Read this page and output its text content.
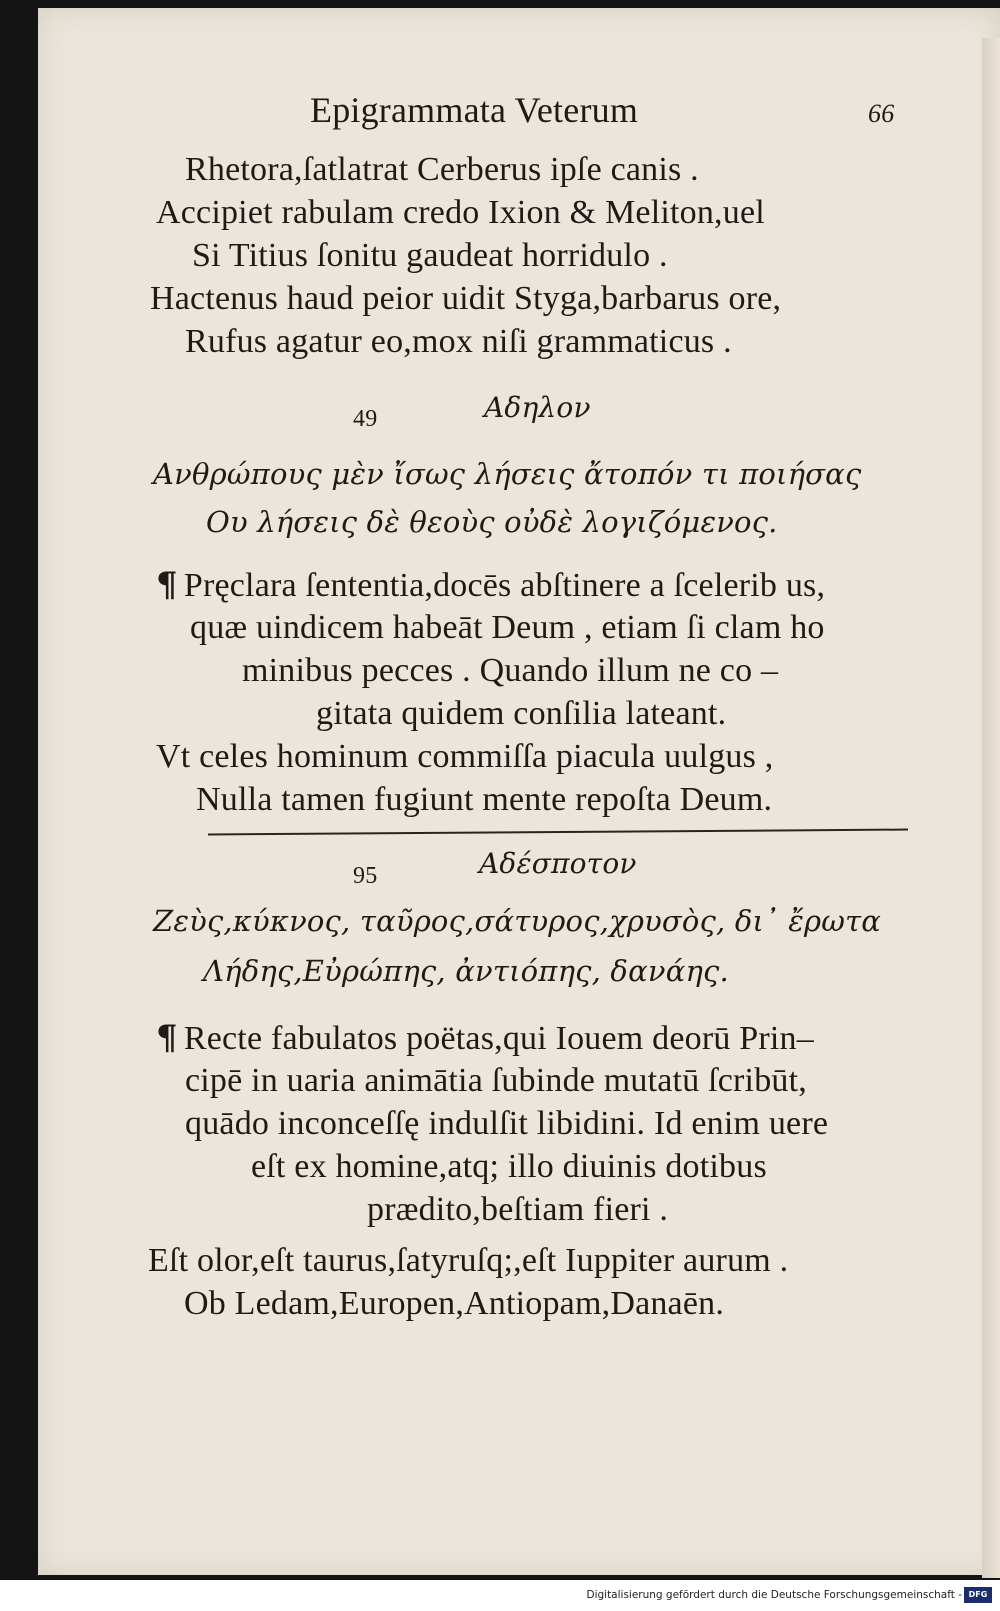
Epigrammata Veterum	66
Rhetora,ſatlatrat Cerberus ipſe canis .
Accipiet rabulam credo Ixion & Meliton,uel
Si Titius ſonitu gaudeat horridulo .
Hactenus haud peior uidit Styga,barbarus ore,
Rufus agatur eo,mox niſi grammaticus .
49	Αδηλον
Ανθρώπους μὲν ἴσως λήσεις ἄτοπόν τι ποιήσας
Ου λήσεις δὲ θεοὺς οὐδὲ λογιζόμενος.
¶ Pręclara ſententia,docēs abſtinere a ſcelerib us,
quæ uindicem habeāt Deum , etiam ſi clam ho
minibus pecces . Quando illum ne co –
gitata quidem conſilia lateant.
Vt celes hominum commiſſa piacula uulgus ,
Nulla tamen fugiunt mente repoſta Deum.
95	Αδέσποτον
Ζεὺς,κύκνος, ταῦρος,σάτυρος,χρυσὸς, δι᾽ ἔρωτα
Λήδης,Εὐρώπης, ἀντιόπης, δανάης.
¶ Recte fabulatos poëtas,qui Iouem deorū Prin–
cipē in uaria animātia ſubinde mutatū ſcribūt,
quādo inconceſſę indulſit libidini. Id enim uere
eſt ex homine,atq; illo diuinis dotibus
prædito,beſtiam fieri .
Eſt olor,eſt taurus,ſatyruſq;,eſt Iuppiter aurum .
Ob Ledam,Europen,Antiopam,Danaēn.
Digitalisierung gefördert durch die Deutsche Forschungsgemeinschaft - DFG
